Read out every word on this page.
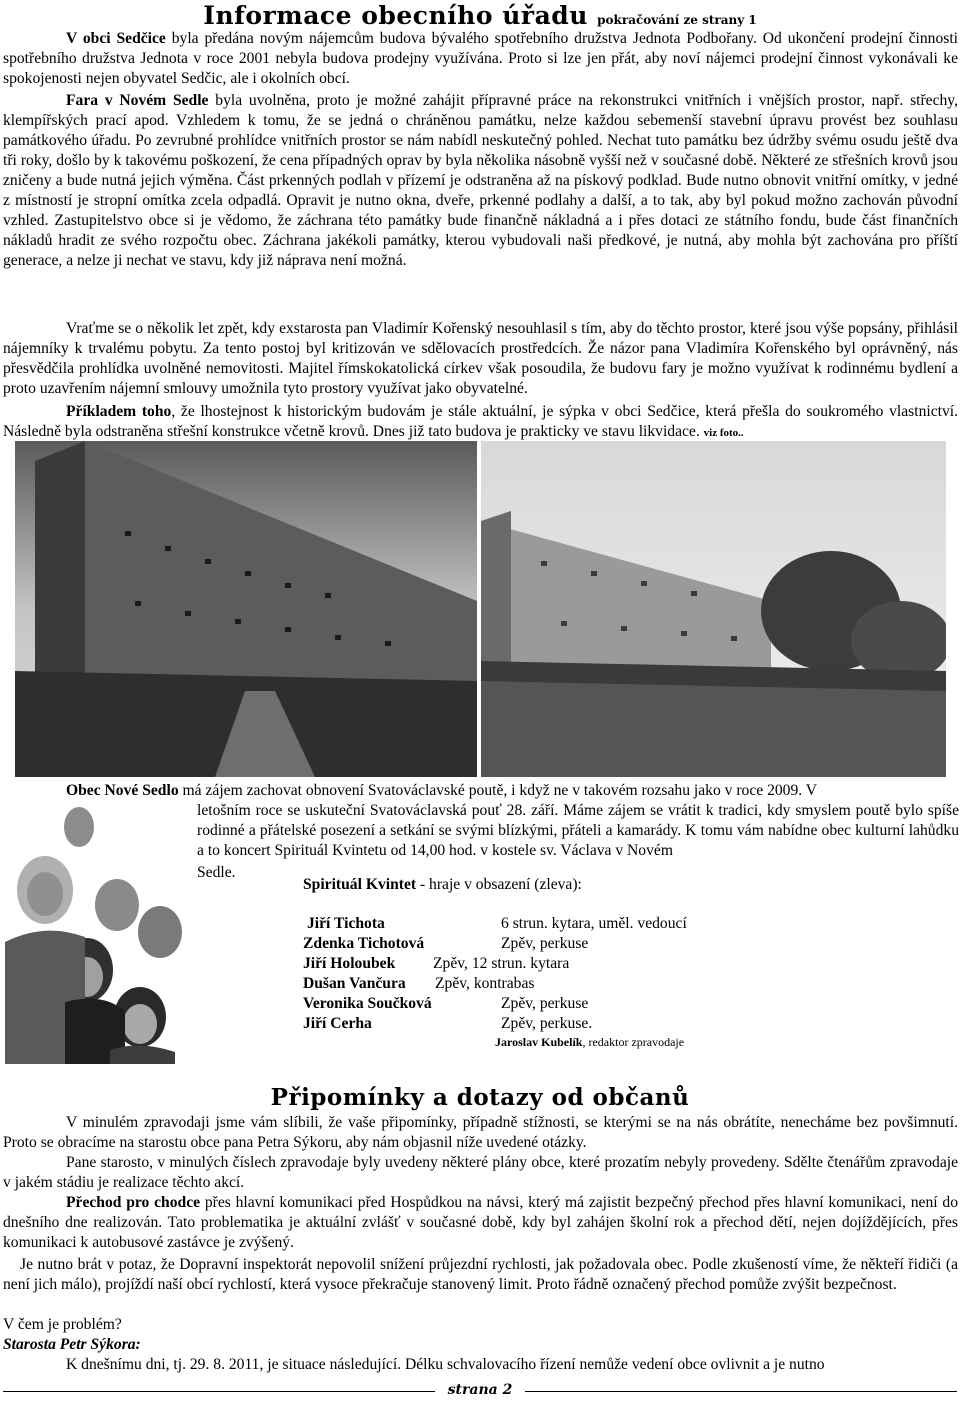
Informace obecního úřadu pokračování ze strany 1

V obci Sedčice byla předána novým nájemcům budova bývalého spotřebního družstva Jednota Podbořany. Od ukončení prodejní činnosti spotřebního družstva Jednota v roce 2001 nebyla budova prodejny využívána. Proto si lze jen přát, aby noví nájemci prodejní činnost vykonávali ke spokojenosti nejen obyvatel Sedčic, ale i okolních obcí.

Fara v Novém Sedle byla uvolněna, proto je možné zahájit přípravné práce na rekonstrukci vnitřních i vnějších prostor, např. střechy, klempířských prací apod. Vzhledem k tomu, že se jedná o chráněnou památku, nelze každou sebemenší stavební úpravu provést bez souhlasu památkového úřadu. Po zevrubné prohlídce vnitřních prostor se nám nabídl neskutečný pohled. Nechat tuto památku bez údržby svému osudu ještě dva tři roky, došlo by k takovému poškození, že cena případných oprav by byla několika násobně vyšší než v současné době. Některé ze střešních krovů jsou zničeny a bude nutná jejich výměna. Část prkenných podlah v přízemí je odstraněna až na pískový podklad. Bude nutno obnovit vnitřní omítky, v jedné z místností je stropní omítka zcela odpadlá. Opravit je nutno okna, dveře, prkenné podlahy a další, a to tak, aby byl pokud možno zachován původní vzhled. Zastupitelstvo obce si je vědomo, že záchrana této památky bude finančně nákladná a i přes dotaci ze státního fondu, bude část finančních nákladů hradit ze svého rozpočtu obec. Záchrana jakékoli památky, kterou vybudovali naši předkové, je nutná, aby mohla být zachována pro příští generace, a nelze ji nechat ve stavu, kdy již náprava není možná.

Vraťme se o několik let zpět, kdy exstarosta pan Vladimír Kořenský nesouhlasil s tím, aby do těchto prostor, které jsou výše popsány, přihlásil nájemníky k trvalému pobytu. Za tento postoj byl kritizován ve sdělovacích prostředcích. Že názor pana Vladimíra Kořenského byl oprávněný, nás přesvědčila prohlídka uvolněné nemovitosti. Majitel římskokatolická církev však posoudila, že budovu fary je možno využívat k rodinnému bydlení a proto uzavřením nájemní smlouvy umožnila tyto prostory využívat jako obyvatelné.

Příkladem toho, že lhostejnost k historickým budovám je stále aktuální, je sýpka v obci Sedčice, která přešla do soukromého vlastnictví. Následně byla odstraněna střešní konstrukce včetně krovů. Dnes již tato budova je prakticky ve stavu likvidace. viz foto..

Obec Nové Sedlo má zájem zachovat obnovení Svatováclavské poutě, i když ne v takovém rozsahu jako v roce 2009. V

letošním roce se uskuteční Svatováclavská pouť 28. září. Máme zájem se vrátit k tradici, kdy smyslem poutě bylo spíše rodinné a přátelské posezení a setkání se svými blízkými, přáteli a kamarády. K tomu vám nabídne obec kulturní lahůdku a to koncert Spirituál Kvintetu od 14,00 hod. v kostele sv. Václava v Novém

Sedle.
Spirituál Kvintet - hraje v obsazení (zleva):
Jiří Tichota	6 strun. kytara, uměl. vedoucí
Zdenka Tichotová	Zpěv, perkuse
Jiří Holoubek Zpěv, 12 strun. kytara
Dušan Vančura Zpěv, kontrabas
Veronika Součková	Zpěv, perkuse
Jiří Cerha	Zpěv, perkuse.
Jaroslav Kubelík, redaktor zpravodaje
Připomínky a dotazy od občanů

V minulém zpravodaji jsme vám slíbili, že vaše připomínky, případně stížnosti, se kterými se na nás obrátíte, nenecháme bez povšimnutí. Proto se obracíme na starostu obce pana Petra Sýkoru, aby nám objasnil níže uvedené otázky.

Pane starosto, v minulých číslech zpravodaje byly uvedeny některé plány obce, které prozatím nebyly provedeny. Sdělte čtenářům zpravodaje v jakém stádiu je realizace těchto akcí.

Přechod pro chodce přes hlavní komunikaci před Hospůdkou na návsi, který má zajistit bezpečný přechod přes hlavní komunikaci, není do dnešního dne realizován. Tato problematika je aktuální zvlášť v současné době, kdy byl zahájen školní rok a přechod dětí, nejen dojíždějících, přes komunikaci k autobusové zastávce je zvýšený.

Je nutno brát v potaz, že Dopravní inspektorát nepovolil snížení průjezdní rychlosti, jak požadovala obec. Podle zkušeností víme, že někteří řidiči (a není jich málo), projíždí naší obcí rychlostí, která vysoce překračuje stanovený limit. Proto řádně označený přechod pomůže zvýšit bezpečnost.

V čem je problém?

Starosta Petr Sýkora:

K dnešnímu dni, tj. 29. 8. 2011, je situace následující. Délku schvalovacího řízení nemůže vedení obce ovlivnit a je nutno

strana 2
